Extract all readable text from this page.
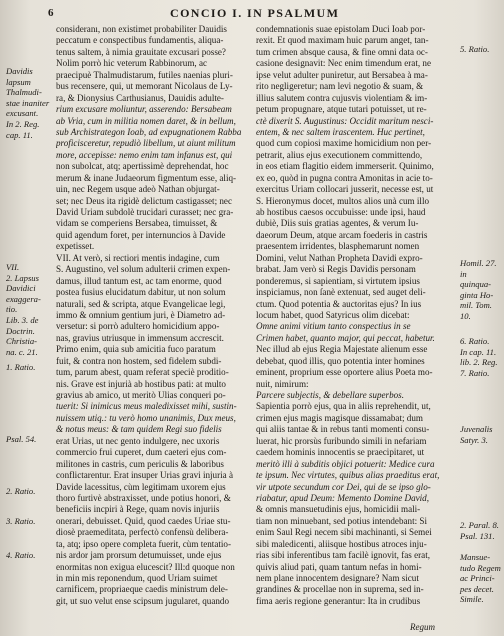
6	CONCIO I. IN PSALMUM
consideranı, non existimet probabiliter Dauidis
peccatum e conspectibus fundamentis, aliqua-
tenus saltem, à nimia grauitate excusari posse?
Nolim porrò hic veterum Rabbinorum, ac
praecipuè Thalmudistarum, futiles naenias pluri-
bus recensere, qui, ut memorant Nicolaus de Ly-
ra, & Dionysius Carthusianus, Dauidis adulte-
rium excusare moliuntur, asserendo: Bersabeam
ab Vria, cum in militia nomen daret, & in bellum,
sub Archistrategon Ioab, ad expugnationem Rabba
proficisceretur, repudiò libellum, ut aiunt militum
more, accepisse: nemo enim tam infanus est, qui
non subolcat, atq; apertissimè deprehendat, hoc
merum & inane Judaeorum figmentum esse, aliq-
uin, nec Regem usque adeò Nathan objurgat-
set; nec Deus ita rigidè delictum castigasset; nec
David Uriam subdolè trucidari curasset; nec gra-
vidam se comperiens Bersabea, timuisset, &
quid agendum foret, per internuncios à Davide
expetisset.
VII. At verò, si rectiori mentis indagine, cum
S. Augustino, vel solum adulterii crimen expen-
damus, illud tantum est, ac tam enorme, quod
postea fusius elucidatum dabitur, ut non solum
naturali, sed & scripta, atque Evangelicae legi,
immo & omnium gentium juri, è Diametro ad-
versetur: si porrò adultero homicidium appo-
nas, gravius utriusque in immensum accrescit.
Primo enim, quia sub amicitia fuco paratum
fuit, & contra non hostem, sed fidelem subdi-
tum, parum abest, quam referat speciè proditio-
nis. Grave est injurià ab hostibus pati: at multo
gravius ab amico, ut meritò Ulias conqueri po-
tuerit: Si inimicus meus maledixisset mihi, sustin-
nuissem utiq.: tu verò homo unanimis, Dux meus,
& notus meus: & tam quidem Regi suo fidelis
erat Urias, ut nec gento indulgere, nec uxoris
commercio frui cuperet, dum caeteri ejus com-
militones in castris, cum periculis & laboribus
conflictarentur. Erat insuper Urias gravi injuria à
Davide lacessitus, cùm legitimam uxorem ejus
thoro furtivè abstraxisset, unde potius honori, &
beneficiis incpiri à Rege, quam novis injuriis
onerari, debuisset. Quid, quod caedes Uriae stu-
diosè praemeditata, perfectò confensù delibera-
ta, atq; ipso opere completa fuerit, cùm tentatio-
nis ardor jam prorsum detumuisset, unde ejus
enormitas non exigua elucescit? Ill:d quoque non
in min mis reponendum, quod Uriam suimet
carnificem, propriaeque caedis ministrum dele-
git, ut suo velut ense scipsum jugularet, quando
condemnationis suae epistolam Duci Ioab por-
rexit. Et quod maximam huic parum anget, tan-
tum crimen absque causa, & fine omni data oc-
casione designavit: Nec enim timendum erat, ne
ipse velut adulter puniretur, aut Bersabea à ma-
rito negligeretur; nam levi negotio & suam, &
illius salutem contra cujusvis violentiam & im-
petum propugnare, atque tutari potuisset, ut re-
ctè dixerit S. Augustinus: Occidit maritum nesci-
entem, & nec saltem irascentem. Huc pertinet,
quod cum copiosi maxime homicidium non per-
petrarit, alius ejus executionem committendo,
in eos etiam flagitio eidem immerserit. Quinimo,
ex eo, quòd in pugna contra Amonitas in acie to-
exercitus Uriam collocari jusserit, necesse est, ut
S. Hieronymus docet, multos alios unà cum illo
ab hostibus caesos occubuisse: unde ipsi, haud
dubiè, Diis suis gratias agentes, & verum Iu-
daeorum Deum, atque arcam foederis in castris
praesentem irridentes, blasphemarunt nomen
Domini, velut Nathan Propheta Davidi expro-
brabat. Jam verò si Regis Davidis personam
ponderemus, si sapientiam, si virtutem ipsius
inspiciamus, non ſanè extenuat, sed auget deli-
ctum. Quod potentia & auctoritas ejus? In ius
locum habet, quod Satyricus olim dicebat:
Omne animi vitium tanto conspectius in se
Crimen habet, quanto major, qui peccat, habetur.
Nec illud ab ejus Regia Majestate alienum esse
debebat, quod illis, quo potentia inter homines
eminent, proprium esse oportere alius Poeta mo-
nuit, nimirum:
Parcere subjectis, & debellare superbos.
Sapientia porrò ejus, qua in aliis reprehendit, ut,
crimen ejus magis magisque dissamabat; dum
qui aliis tantae & in rebus tanti momenti consu-
luerat, hic prorsùs furibundo simili in nefariam
caedem hominis innocentis se praecipitaret, ut
meritò illi à subditis objici potuerit: Medice cura
te ipsum. Nec virtutes, quibus alias praeditus erat,
vir utpote secundum cor Dei, qui de se ipso glo-
riabatur, apud Deum: Memento Domine David,
& omnis mansuetudinis ejus, homicidii mali-
tiam non minuebant, sed potius intendebant: Si
enim Saul Regi necem sibi machinanti, si Semei
sibi maledicenti, aliisque hostibus atroces inju-
rias sibi inferentibus tam facilè ignovit, fas erat,
quivis aliud pati, quam tantum nefas in homi-
nem plane innocentem designare? Nam sicut
grandines & procellae non in suprema, sed in-
fima aeris regione generantur: Ita in crudibus
Davidis
lapsum
Thalmudi-
stae inaniter
excusant.
In 2. Reg.
cap. 11.
VII.
2. Lapsus
Davidici
exaggera-
tio.
Lib. 3. de
Doctrin.
Christia-
na. c. 21.
1. Ratio.
Psal. 54.
2. Ratio.
3. Ratio.
4. Ratio.
5. Ratio.
Homil. 27.
in
quinqua-
ginta Ho-
mil. Tom.
10.
6. Ratio.
In cap. 11.
lib. 2. Reg.
7. Ratio.
Juvenalis
Satyr. 3.
2. Paral. 8.
Psal. 131.
Mansue-
tudo Regem
ac Princi-
pes decet.
Simile.
Regum
